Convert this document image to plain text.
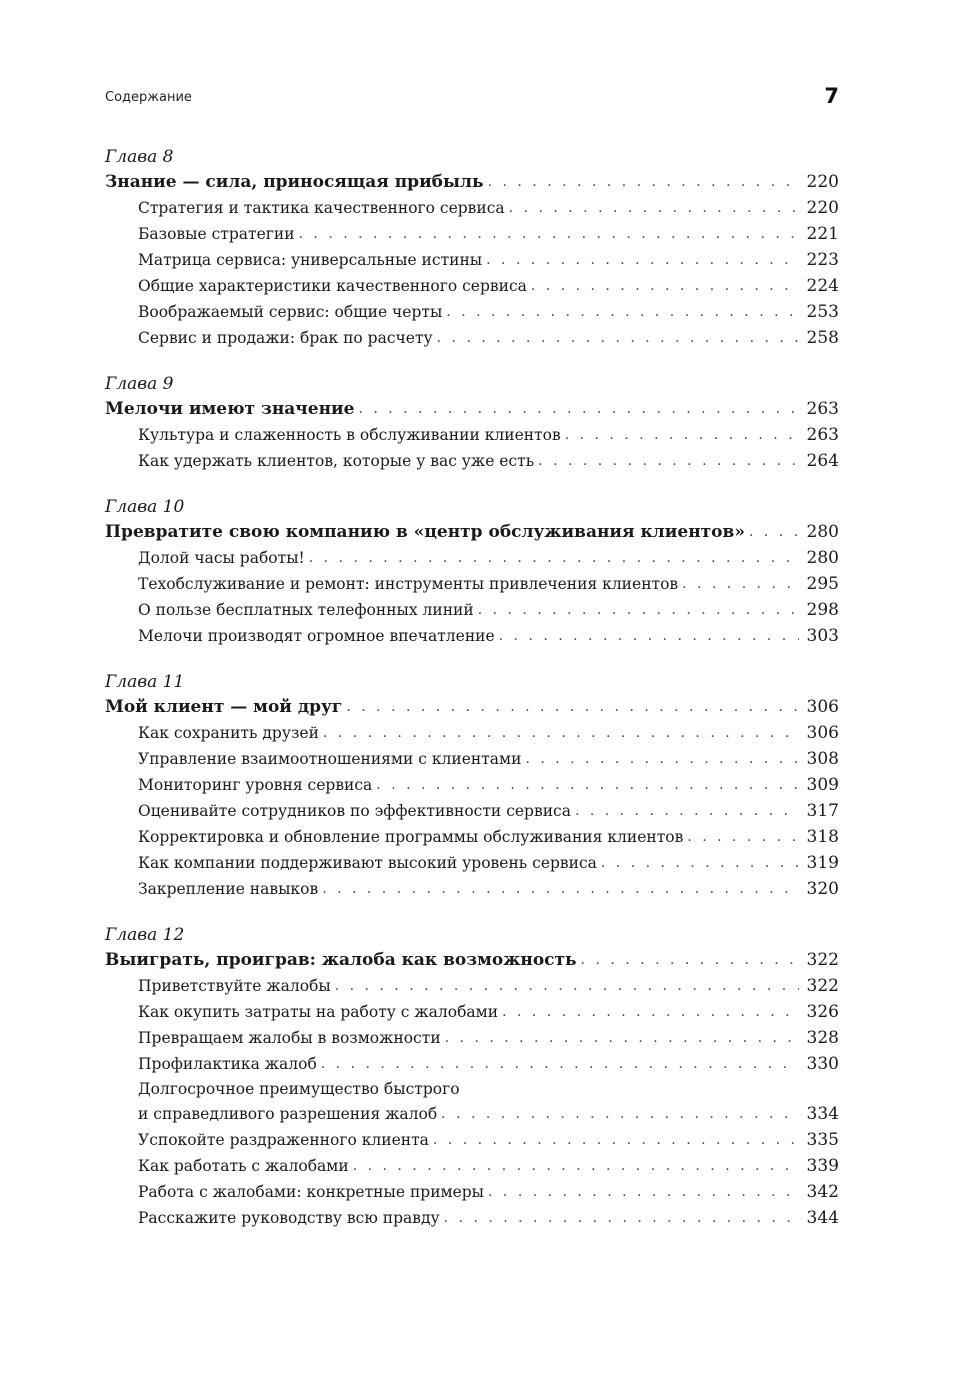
Содержание	7
Глава 8
Знание — сила, приносящая прибыль . . .	220
Стратегия и тактика качественного сервиса . . .	220
Базовые стратегии . . .	221
Матрица сервиса: универсальные истины . . .	223
Общие характеристики качественного сервиса . . .	224
Воображаемый сервис: общие черты . . .	253
Сервис и продажи: брак по расчету . . .	258
Глава 9
Мелочи имеют значение . . .	263
Культура и слаженность в обслуживании клиентов . . .	263
Как удержать клиентов, которые у вас уже есть . . .	264
Глава 10
Превратите свою компанию в «центр обслуживания клиентов» . . .	280
Долой часы работы! . . .	280
Техобслуживание и ремонт: инструменты привлечения клиентов . . .	295
О пользе бесплатных телефонных линий . . .	298
Мелочи производят огромное впечатление . . .	303
Глава 11
Мой клиент — мой друг . . .	306
Как сохранить друзей . . .	306
Управление взаимоотношениями с клиентами . . .	308
Мониторинг уровня сервиса . . .	309
Оценивайте сотрудников по эффективности сервиса . . .	317
Корректировка и обновление программы обслуживания клиентов . . .	318
Как компании поддерживают высокий уровень сервиса . . .	319
Закрепление навыков . . .	320
Глава 12
Выиграть, проиграв: жалоба как возможность . . .	322
Приветствуйте жалобы . . .	322
Как окупить затраты на работу с жалобами . . .	326
Превращаем жалобы в возможности . . .	328
Профилактика жалоб . . .	330
Долгосрочное преимущество быстрого
и справедливого разрешения жалоб . . .	334
Успокойте раздраженного клиента . . .	335
Как работать с жалобами . . .	339
Работа с жалобами: конкретные примеры . . .	342
Расскажите руководству всю правду . . .	344
